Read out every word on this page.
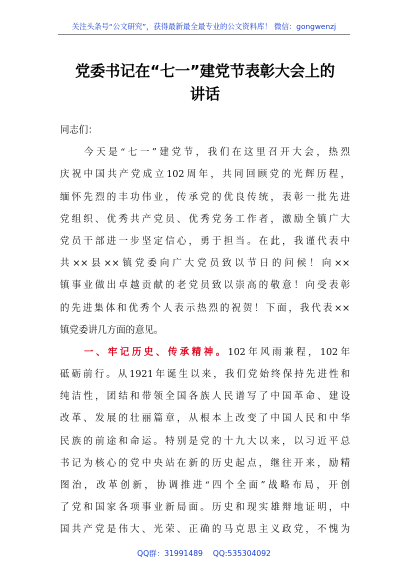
关注头条号“公文研究”，获得最新最全最专业的公文资料库！ 微信：gongwenzj
党委书记在“七一”建党节表彰大会上的
讲话
同志们：
　　今天是“七一”建党节，我们在这里召开大会，热烈
庆祝中国共产党成立102周年，共同回顾党的光辉历程，
缅怀先烈的丰功伟业，传承党的优良传统，表彰一批先进
党组织、优秀共产党员、优秀党务工作者，激励全镇广大
党员干部进一步坚定信心，勇于担当。在此，我谨代表中
共××县××镇党委向广大党员致以节日的问候！向××
镇事业做出卓越贡献的老党员致以崇高的敬意！向受表彰
的先进集体和优秀个人表示热烈的祝贺！下面，我代表××
镇党委讲几方面的意见。
　　一、牢记历史、传承精神。102年风雨兼程，102年
砥砺前行。从1921年诞生以来，我们党始终保持先进性和
纯洁性，团结和带领全国各族人民谱写了中国革命、建设
改革、发展的壮丽篇章，从根本上改变了中国人民和中华
民族的前途和命运。特别是党的十九大以来，以习近平总
书记为核心的党中央站在新的历史起点，继往开来，励精
图治，改革创新，协调推进“四个全面”战略布局，开创
了党和国家各项事业新局面。历史和现实雄辩地证明，中
国共产党是伟大、光荣、正确的马克思主义政党，不愧为
QQ群：31991489 QQ:535304092
